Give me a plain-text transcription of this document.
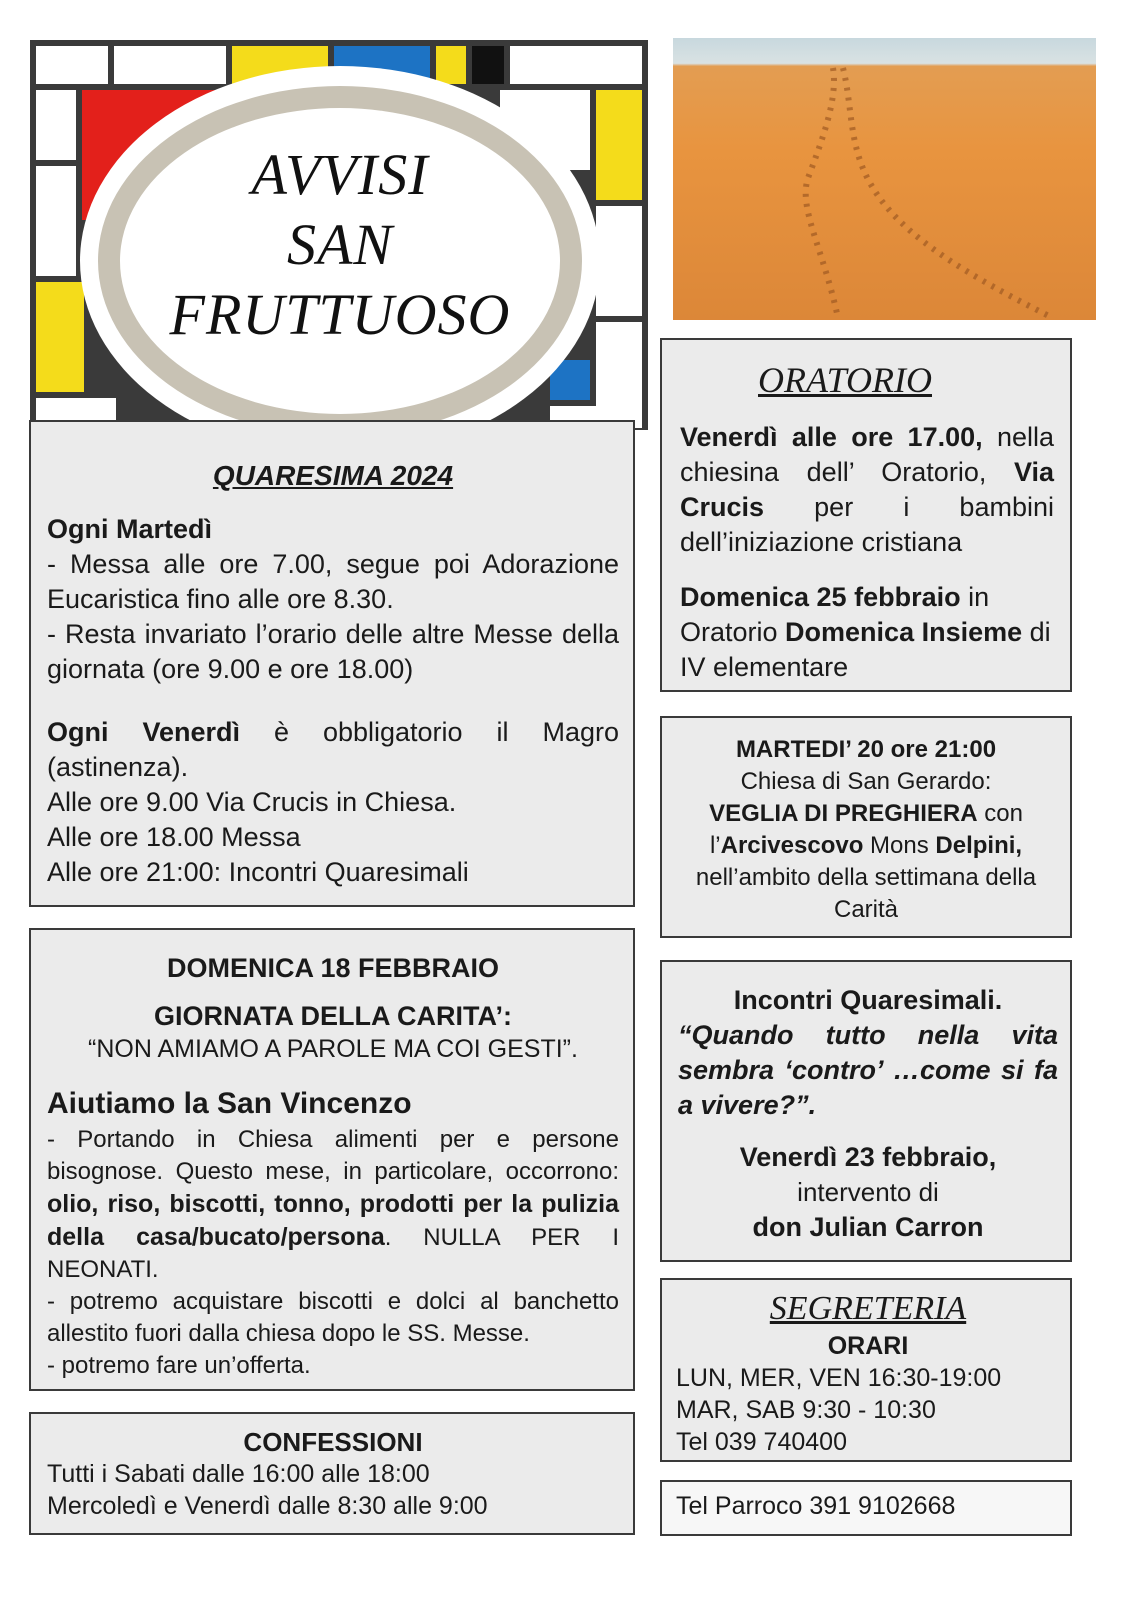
AVVISI
SAN
FRUTTUOSO
QUARESIMA 2024

Ogni Martedì

- Messa alle ore 7.00, segue poi Adorazione Eucaristica fino alle ore 8.30.

- Resta invariato l’orario delle altre Messe della giornata (ore 9.00 e ore 18.00)

Ogni Venerdì è obbligatorio il Magro (astinenza).

Alle ore 9.00 Via Crucis in Chiesa.

Alle ore 18.00 Messa

Alle ore 21:00: Incontri Quaresimali

DOMENICA 18 FEBBRAIO
GIORNATA DELLA CARITA’:
“NON AMIAMO A PAROLE MA COI GESTI”.
Aiutiamo la San Vincenzo

- Portando in Chiesa alimenti per e persone bisognose. Questo mese, in particolare, occorrono: olio, riso, biscotti, tonno, prodotti per la pulizia della casa/bucato/persona. NULLA PER I NEONATI.

- potremo acquistare biscotti e dolci al banchetto allestito fuori dalla chiesa dopo le SS. Messe.

- potremo fare un’offerta.

CONFESSIONI
Tutti i Sabati dalle 16:00 alle 18:00
Mercoledì e Venerdì dalle 8:30 alle 9:00
ORATORIO

Venerdì alle ore 17.00, nella chiesina dell’ Oratorio, Via Crucis per i bambini dell’iniziazione cristiana

Domenica 25 febbraio in Oratorio Domenica Insieme di IV elementare

MARTEDI’ 20 ore 21:00
Chiesa di San Gerardo:
VEGLIA DI PREGHIERA con
l’Arcivescovo Mons Delpini,
nell’ambito della settimana della
Carità
Incontri Quaresimali.
“Quando tutto nella vita sembra ‘contro’ …come si fa a vivere?”.
Venerdì 23 febbraio,
intervento di
don Julian Carron
SEGRETERIA
ORARI
LUN, MER, VEN 16:30-19:00
MAR, SAB 9:30 - 10:30
Tel 039 740400
Tel Parroco 391 9102668
